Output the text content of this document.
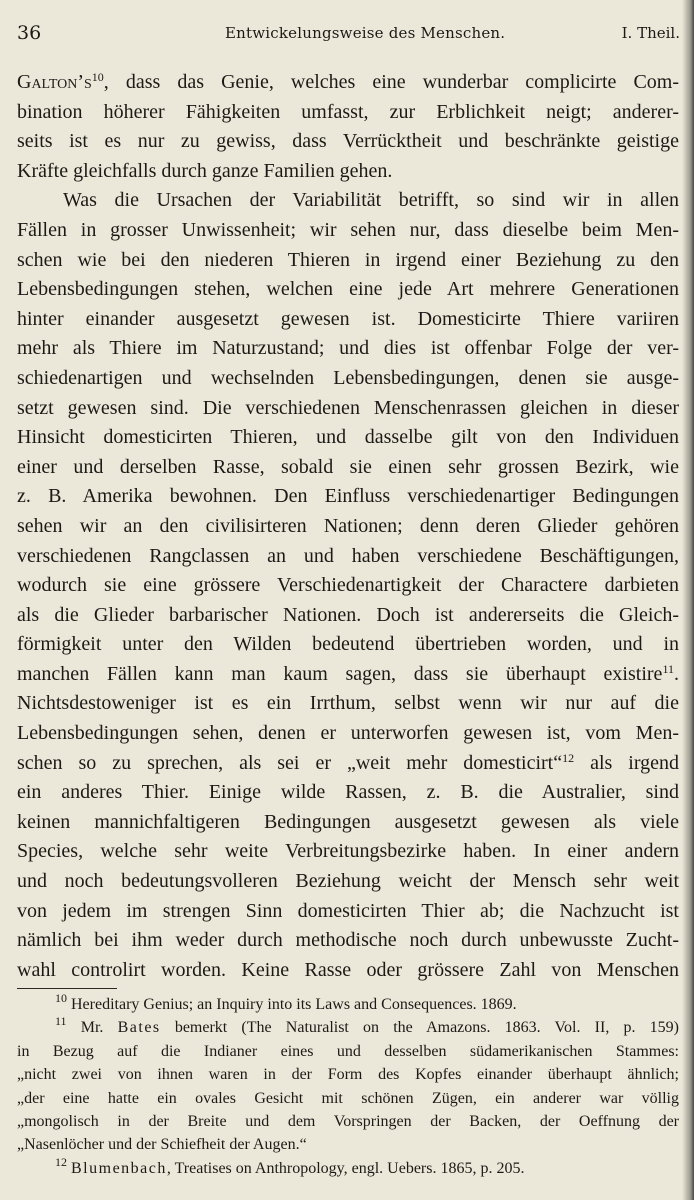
36	Entwickelungsweise des Menschen.	I. Theil.
$Galton’s^{10}$, dass das Genie, welches eine wunderbar complicirte Com-
bination höherer Fähigkeiten umfasst, zur Erblichkeit neigt; anderer-
seits ist es nur zu gewiss, dass Verrücktheit und beschränkte geistige
Kräfte gleichfalls durch ganze Familien gehen.
Was die Ursachen der Variabilität betrifft, so sind wir in allen
Fällen in grosser Unwissenheit; wir sehen nur, dass dieselbe beim Men-
schen wie bei den niederen Thieren in irgend einer Beziehung zu den
Lebensbedingungen stehen, welchen eine jede Art mehrere Generationen
hinter einander ausgesetzt gewesen ist. Domesticirte Thiere variiren
mehr als Thiere im Naturzustand; und dies ist offenbar Folge der ver-
schiedenartigen und wechselnden Lebensbedingungen, denen sie ausge-
setzt gewesen sind. Die verschiedenen Menschenrassen gleichen in dieser
Hinsicht domesticirten Thieren, und dasselbe gilt von den Individuen
einer und derselben Rasse, sobald sie einen sehr grossen Bezirk, wie
z. B. Amerika bewohnen. Den Einfluss verschiedenartiger Bedingungen
sehen wir an den civilisirteren Nationen; denn deren Glieder gehören
verschiedenen Rangclassen an und haben verschiedene Beschäftigungen,
wodurch sie eine grössere Verschiedenartigkeit der Charactere darbieten
als die Glieder barbarischer Nationen. Doch ist andererseits die Gleich-
förmigkeit unter den Wilden bedeutend übertrieben worden, und in
manchen Fällen kann man kaum sagen, dass sie überhaupt existire$^{11}$.
Nichtsdestoweniger ist es ein Irrthum, selbst wenn wir nur auf die
Lebensbedingungen sehen, denen er unterworfen gewesen ist, vom Men-
schen so zu sprechen, als sei er „weit mehr domesticirt“$^{12}$ als irgend
ein anderes Thier. Einige wilde Rassen, z. B. die Australier, sind
keinen mannichfaltigeren Bedingungen ausgesetzt gewesen als viele
Species, welche sehr weite Verbreitungsbezirke haben. In einer andern
und noch bedeutungsvolleren Beziehung weicht der Mensch sehr weit
von jedem im strengen Sinn domesticirten Thier ab; die Nachzucht ist
nämlich bei ihm weder durch methodische noch durch unbewusste Zucht-
wahl controlirt worden. Keine Rasse oder grössere Zahl von Menschen
$^{10}$ Hereditary Genius; an Inquiry into its Laws and Consequences. 1869.
$^{11}$ Mr. Bates bemerkt (The Naturalist on the Amazons. 1863. Vol. II, p. 159)
in Bezug auf die Indianer eines und desselben südamerikanischen Stammes:
„nicht zwei von ihnen waren in der Form des Kopfes einander überhaupt ähnlich;
„der eine hatte ein ovales Gesicht mit schönen Zügen, ein anderer war völlig
„mongolisch in der Breite und dem Vorspringen der Backen, der Oeffnung der
„Nasenlöcher und der Schiefheit der Augen.“
$^{12}$ Blumenbach, Treatises on Anthropology, engl. Uebers. 1865, p. 205.
